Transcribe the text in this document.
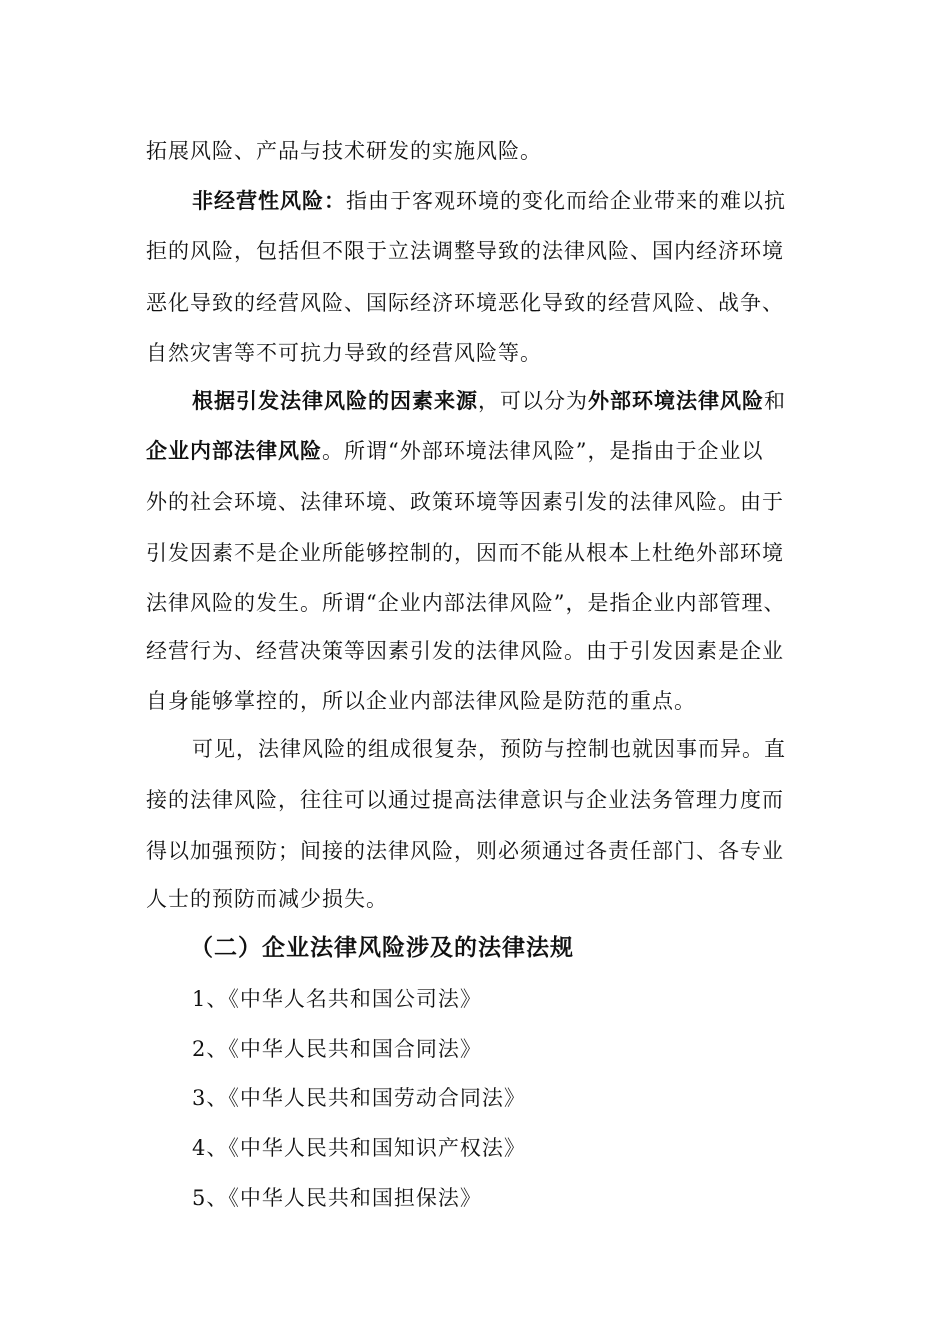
拓展风险、产品与技术研发的实施风险。
非经营性风险：指由于客观环境的变化而给企业带来的难以抗
拒的风险，包括但不限于立法调整导致的法律风险、国内经济环境
恶化导致的经营风险、国际经济环境恶化导致的经营风险、战争、
自然灾害等不可抗力导致的经营风险等。
根据引发法律风险的因素来源，可以分为外部环境法律风险和
企业内部法律风险。所谓“外部环境法律风险”，是指由于企业以
外的社会环境、法律环境、政策环境等因素引发的法律风险。由于
引发因素不是企业所能够控制的，因而不能从根本上杜绝外部环境
法律风险的发生。所谓“企业内部法律风险”，是指企业内部管理、
经营行为、经营决策等因素引发的法律风险。由于引发因素是企业
自身能够掌控的，所以企业内部法律风险是防范的重点。
可见，法律风险的组成很复杂，预防与控制也就因事而异。直
接的法律风险，往往可以通过提高法律意识与企业法务管理力度而
得以加强预防；间接的法律风险，则必须通过各责任部门、各专业
人士的预防而减少损失。
（二）企业法律风险涉及的法律法规
1、《中华人名共和国公司法》
2、《中华人民共和国合同法》
3、《中华人民共和国劳动合同法》
4、《中华人民共和国知识产权法》
5、《中华人民共和国担保法》
